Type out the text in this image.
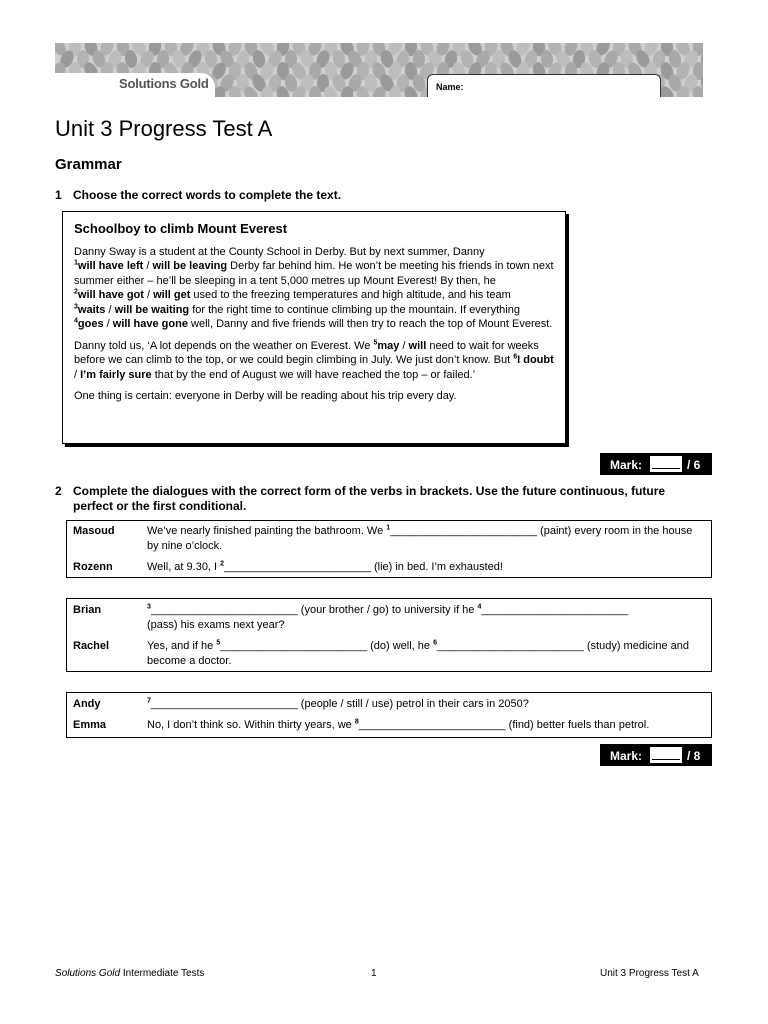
Solutions Gold	Name:
Unit 3 Progress Test A
Grammar
1 Choose the correct words to complete the text.
Schoolboy to climb Mount Everest

Danny Sway is a student at the County School in Derby. But by next summer, Danny
$^1$will have left / will be leaving Derby far behind him. He won’t be meeting his friends in town next summer either – he’ll be sleeping in a tent 5,000 metres up Mount Everest! By then, he
$^2$will have got / will get used to the freezing temperatures and high altitude, and his team
$^3$waits / will be waiting for the right time to continue climbing up the mountain. If everything
$^4$goes / will have gone well, Danny and five friends will then try to reach the top of Mount Everest.

Danny told us, ‘A lot depends on the weather on Everest. We $^5$may / will need to wait for weeks before we can climb to the top, or we could begin climbing in July. We just don’t know. But $^6$I doubt / I’m fairly sure that by the end of August we will have reached the top – or failed.’

One thing is certain: everyone in Derby will be reading about his trip every day.

Mark:	/ 6
2 Complete the dialogues with the correct form of the verbs in brackets. Use the future continuous, future perfect or the first conditional.
Masoud	We’ve nearly finished painting the bathroom. We $^1$________________________ (paint) every room in the house by nine o’clock.
Rozenn	Well, at 9.30, I $^2$________________________ (lie) in bed. I’m exhausted!
Brian	$^3$________________________ (your brother / go) to university if he $^4$________________________
(pass) his exams next year?
Rachel	Yes, and if he $^5$________________________ (do) well, he $^6$________________________ (study) medicine and become a doctor.
Andy	$^7$________________________ (people / still / use) petrol in their cars in 2050?
Emma	No, I don’t think so. Within thirty years, we $^8$________________________ (find) better fuels than petrol.
Mark:	/ 8
Solutions Gold Intermediate Tests	1	Unit 3 Progress Test A
